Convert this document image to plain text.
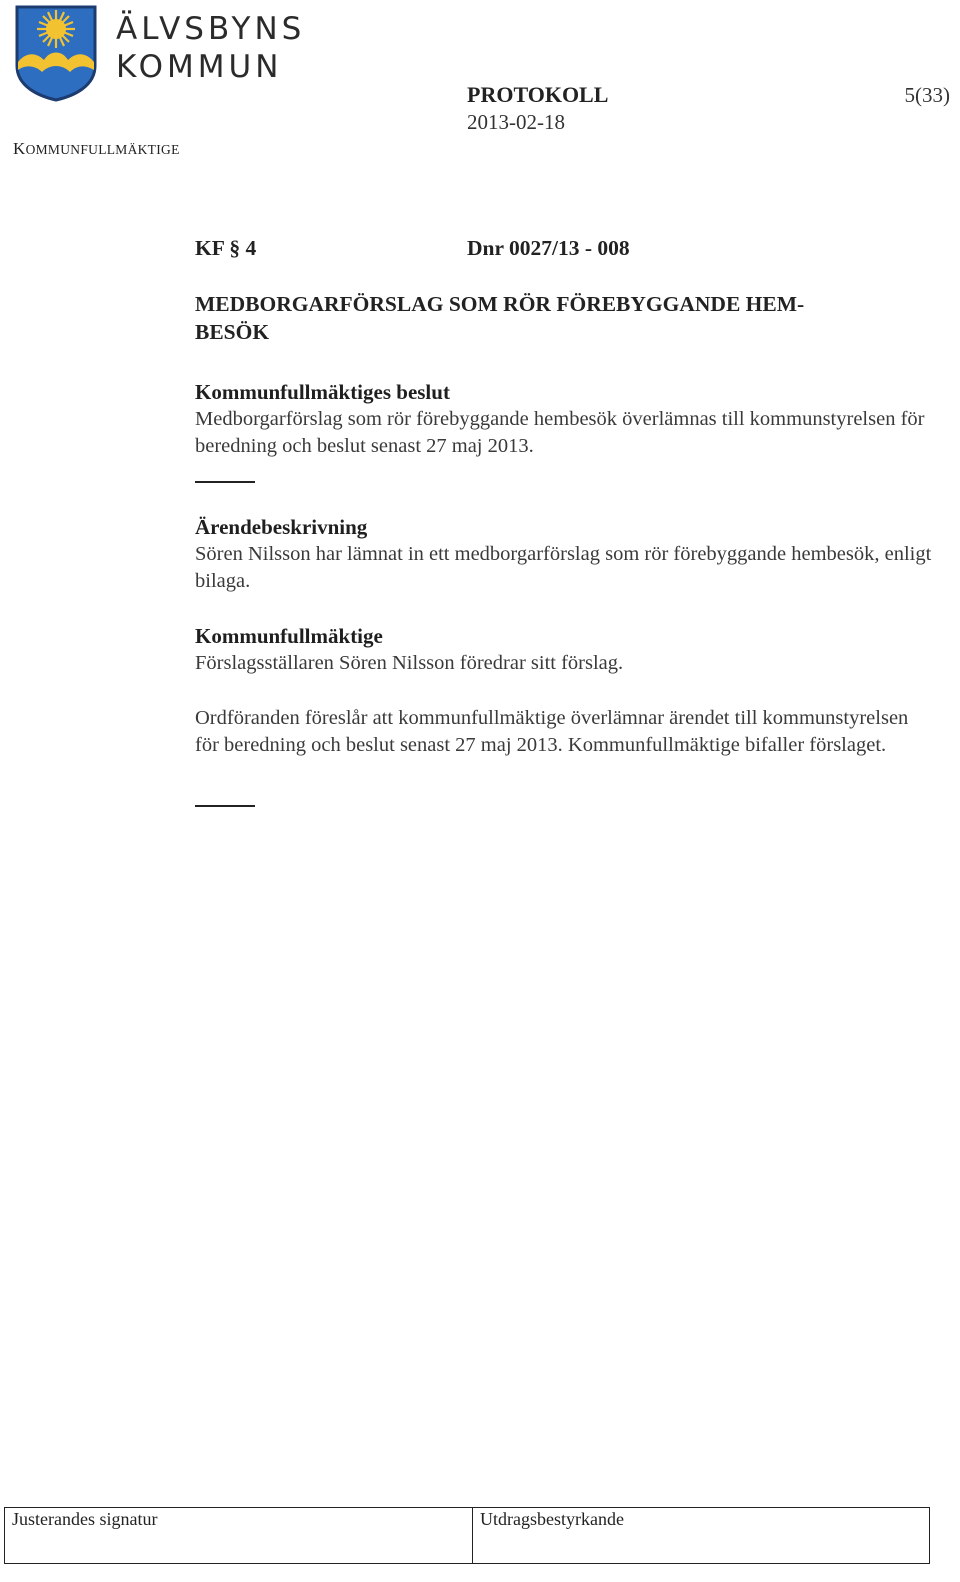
ÄLVSBYNS
KOMMUN
KOMMUNFULLMÄKTIGE
PROTOKOLL
2013-02-18
5(33)
KF § 4	Dnr 0027/13 - 008
MEDBORGARFÖRSLAG SOM RÖR FÖREBYGGANDE HEM-
BESÖK
Kommunfullmäktiges beslut
Medborgarförslag som rör förebyggande hembesök överlämnas till kommunstyrelsen för beredning och beslut senast 27 maj 2013.
Ärendebeskrivning
Sören Nilsson har lämnat in ett medborgarförslag som rör förebyggande hembesök, enligt bilaga.
Kommunfullmäktige
Förslagsställaren Sören Nilsson föredrar sitt förslag.
Ordföranden föreslår att kommunfullmäktige överlämnar ärendet till kommunstyrelsen för beredning och beslut senast 27 maj 2013. Kommunfullmäktige bifaller förslaget.
Justerandes signatur	Utdragsbestyrkande
